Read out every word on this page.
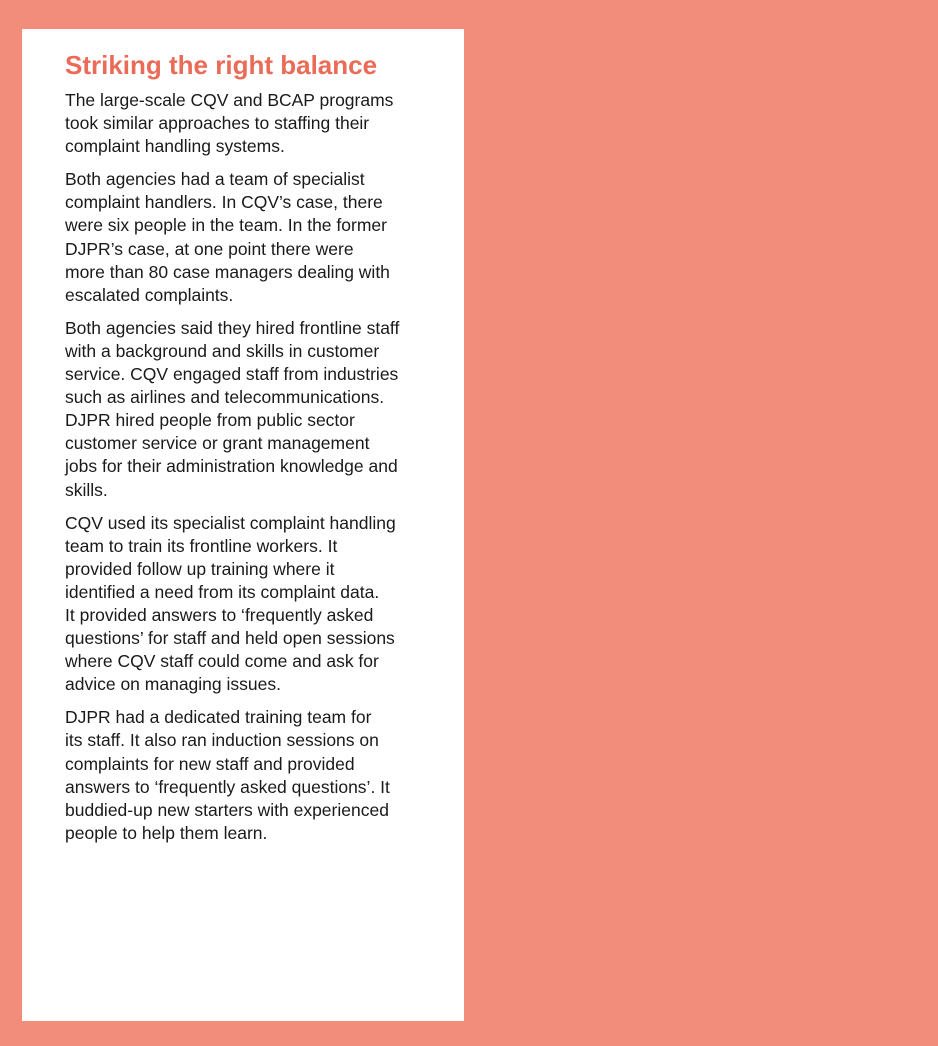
Striking the right balance

The large-scale CQV and BCAP programs
took similar approaches to staffing their
complaint handling systems.

Both agencies had a team of specialist
complaint handlers. In CQV’s case, there
were six people in the team. In the former
DJPR’s case, at one point there were
more than 80 case managers dealing with
escalated complaints.

Both agencies said they hired frontline staff
with a background and skills in customer
service. CQV engaged staff from industries
such as airlines and telecommunications.
DJPR hired people from public sector
customer service or grant management
jobs for their administration knowledge and
skills.

CQV used its specialist complaint handling
team to train its frontline workers. It
provided follow up training where it
identified a need from its complaint data.
It provided answers to ‘frequently asked
questions’ for staff and held open sessions
where CQV staff could come and ask for
advice on managing issues.

DJPR had a dedicated training team for
its staff. It also ran induction sessions on
complaints for new staff and provided
answers to ‘frequently asked questions’. It
buddied-up new starters with experienced
people to help them learn.
